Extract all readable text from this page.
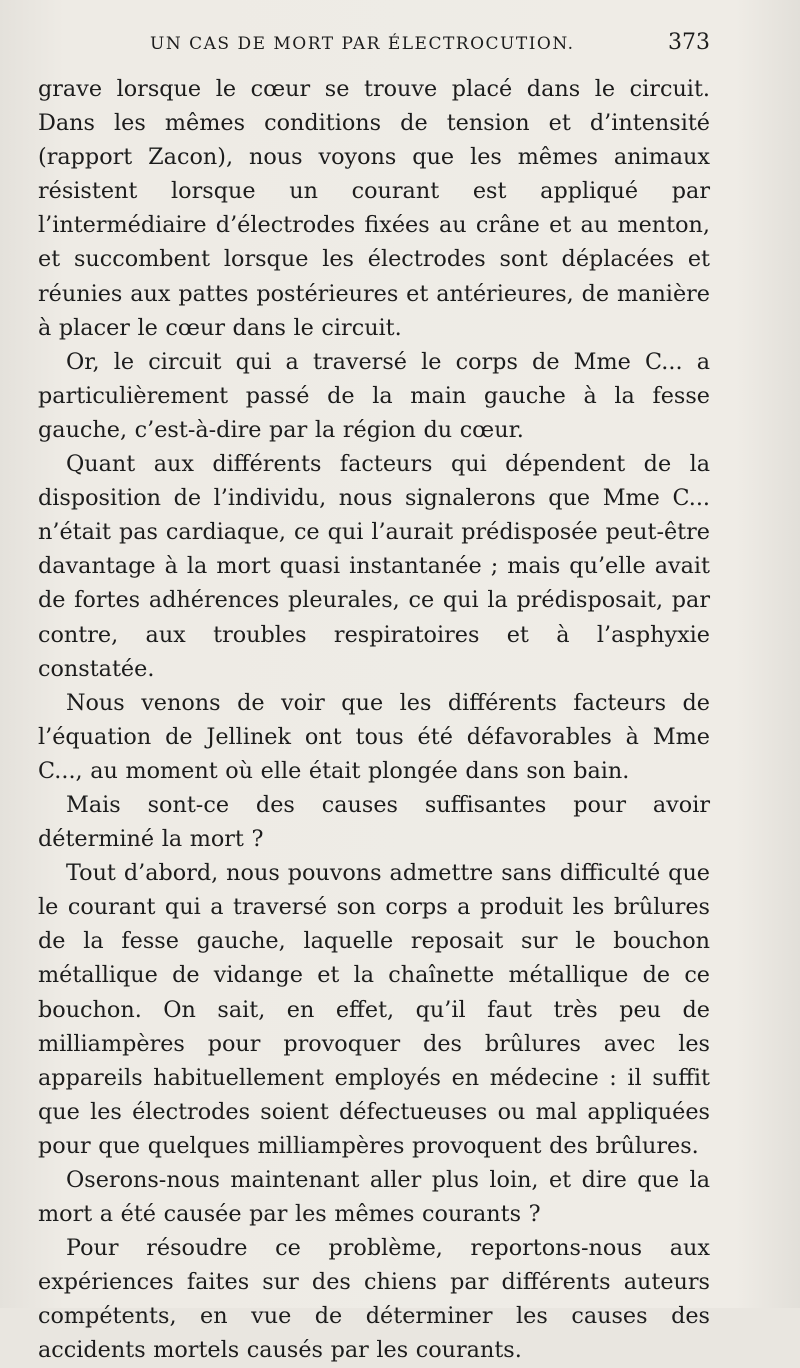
UN CAS DE MORT PAR ÉLECTROCUTION.	373

grave lorsque le cœur se trouve placé dans le circuit. Dans les mêmes conditions de tension et d’intensité (rapport Zacon), nous voyons que les mêmes animaux résistent lorsque un courant est appliqué par l’intermédiaire d’électrodes fixées au crâne et au menton, et succombent lorsque les électrodes sont déplacées et réunies aux pattes postérieures et antérieures, de manière à placer le cœur dans le circuit.

Or, le circuit qui a traversé le corps de Mme C... a particulièrement passé de la main gauche à la fesse gauche, c’est-à-dire par la région du cœur.

Quant aux différents facteurs qui dépendent de la disposition de l’individu, nous signalerons que Mme C... n’était pas cardiaque, ce qui l’aurait prédisposée peut-être davantage à la mort quasi instantanée ; mais qu’elle avait de fortes adhérences pleurales, ce qui la prédisposait, par contre, aux troubles respiratoires et à l’asphyxie constatée.

Nous venons de voir que les différents facteurs de l’équation de Jellinek ont tous été défavorables à Mme C..., au moment où elle était plongée dans son bain.

Mais sont-ce des causes suffisantes pour avoir déterminé la mort ?

Tout d’abord, nous pouvons admettre sans difficulté que le courant qui a traversé son corps a produit les brûlures de la fesse gauche, laquelle reposait sur le bouchon métallique de vidange et la chaînette métallique de ce bouchon. On sait, en effet, qu’il faut très peu de milliampères pour provoquer des brûlures avec les appareils habituellement employés en médecine : il suffit que les électrodes soient défectueuses ou mal appliquées pour que quelques milliampères provoquent des brûlures.

Oserons-nous maintenant aller plus loin, et dire que la mort a été causée par les mêmes courants ?

Pour résoudre ce problème, reportons-nous aux expériences faites sur des chiens par différents auteurs compétents, en vue de déterminer les causes des accidents mortels causés par les courants.
